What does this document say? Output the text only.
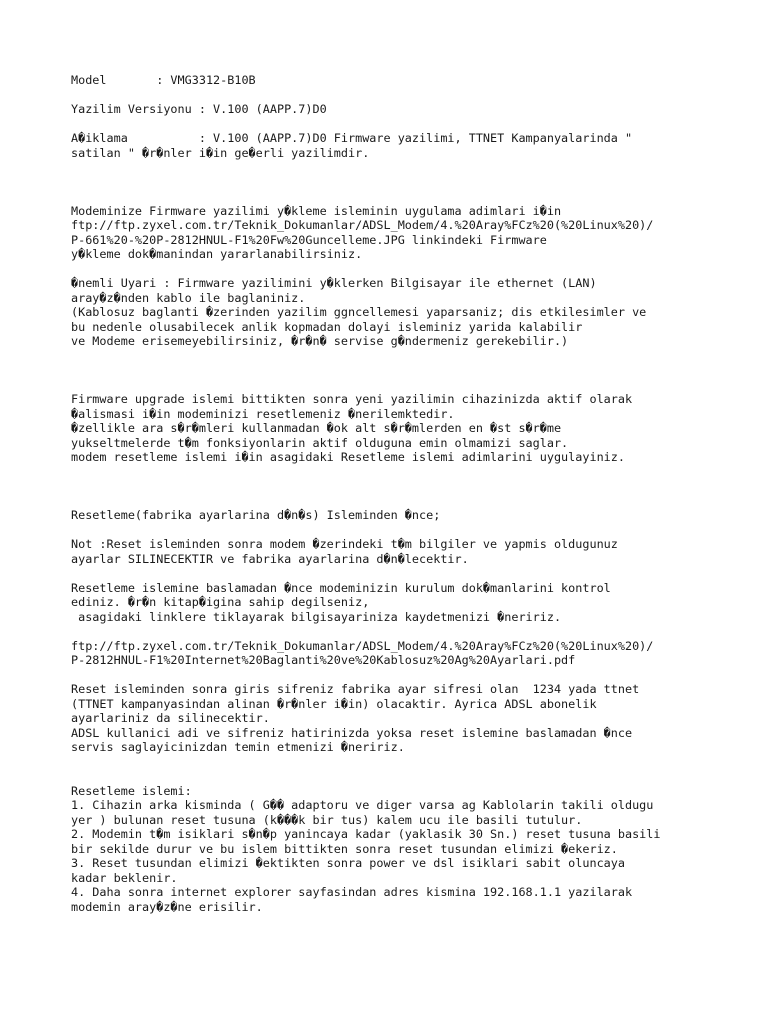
Model       : VMG3312-B10B
Yazilim Versiyonu : V.100 (AAPP.7)D0
A�iklama          : V.100 (AAPP.7)D0 Firmware yazilimi, TTNET Kampanyalarinda "
satilan " �r�nler i�in ge�erli yazilimdir.
Modeminize Firmware yazilimi y�kleme isleminin uygulama adimlari i�in
ftp://ftp.zyxel.com.tr/Teknik_Dokumanlar/ADSL_Modem/4.%20Aray%FCz%20(%20Linux%20)/
P-661%20-%20P-2812HNUL-F1%20Fw%20Guncelleme.JPG linkindeki Firmware
y�kleme dok�manindan yararlanabilirsiniz.
�nemli Uyari : Firmware yazilimini y�klerken Bilgisayar ile ethernet (LAN)
aray�z�nden kablo ile baglaniniz.
(Kablosuz baglanti �zerinden yazilim ggncellemesi yaparsaniz; dis etkilesimler ve
bu nedenle olusabilecek anlik kopmadan dolayi isleminiz yarida kalabilir
ve Modeme erisemeyebilirsiniz, �r�n� servise g�ndermeniz gerekebilir.)
Firmware upgrade islemi bittikten sonra yeni yazilimin cihazinizda aktif olarak
�alismasi i�in modeminizi resetlemeniz �nerilemktedir.
�zellikle ara s�r�mleri kullanmadan �ok alt s�r�mlerden en �st s�r�me
yukseltmelerde t�m fonksiyonlarin aktif olduguna emin olmamizi saglar.
modem resetleme islemi i�in asagidaki Resetleme islemi adimlarini uygulayiniz.
Resetleme(fabrika ayarlarina d�n�s) Isleminden �nce;
Not :Reset isleminden sonra modem �zerindeki t�m bilgiler ve yapmis oldugunuz
ayarlar SILINECEKTIR ve fabrika ayarlarina d�n�lecektir.
Resetleme islemine baslamadan �nce modeminizin kurulum dok�manlarini kontrol
ediniz. �r�n kitap�igina sahip degilseniz,
asagidaki linklere tiklayarak bilgisayariniza kaydetmenizi �neririz.
ftp://ftp.zyxel.com.tr/Teknik_Dokumanlar/ADSL_Modem/4.%20Aray%FCz%20(%20Linux%20)/
P-2812HNUL-F1%20Internet%20Baglanti%20ve%20Kablosuz%20Ag%20Ayarlari.pdf
Reset isleminden sonra giris sifreniz fabrika ayar sifresi olan  1234 yada ttnet
(TTNET kampanyasindan alinan �r�nler i�in) olacaktir. Ayrica ADSL abonelik
ayarlariniz da silinecektir.
ADSL kullanici adi ve sifreniz hatirinizda yoksa reset islemine baslamadan �nce
servis saglayicinizdan temin etmenizi �neririz.
Resetleme islemi:
1. Cihazin arka kisminda ( G�� adaptoru ve diger varsa ag Kablolarin takili oldugu
yer ) bulunan reset tusuna (k���k bir tus) kalem ucu ile basili tutulur.
2. Modemin t�m isiklari s�n�p yanincaya kadar (yaklasik 30 Sn.) reset tusuna basili
bir sekilde durur ve bu islem bittikten sonra reset tusundan elimizi �ekeriz.
3. Reset tusundan elimizi �ektikten sonra power ve dsl isiklari sabit oluncaya
kadar beklenir.
4. Daha sonra internet explorer sayfasindan adres kismina 192.168.1.1 yazilarak
modemin aray�z�ne erisilir.
